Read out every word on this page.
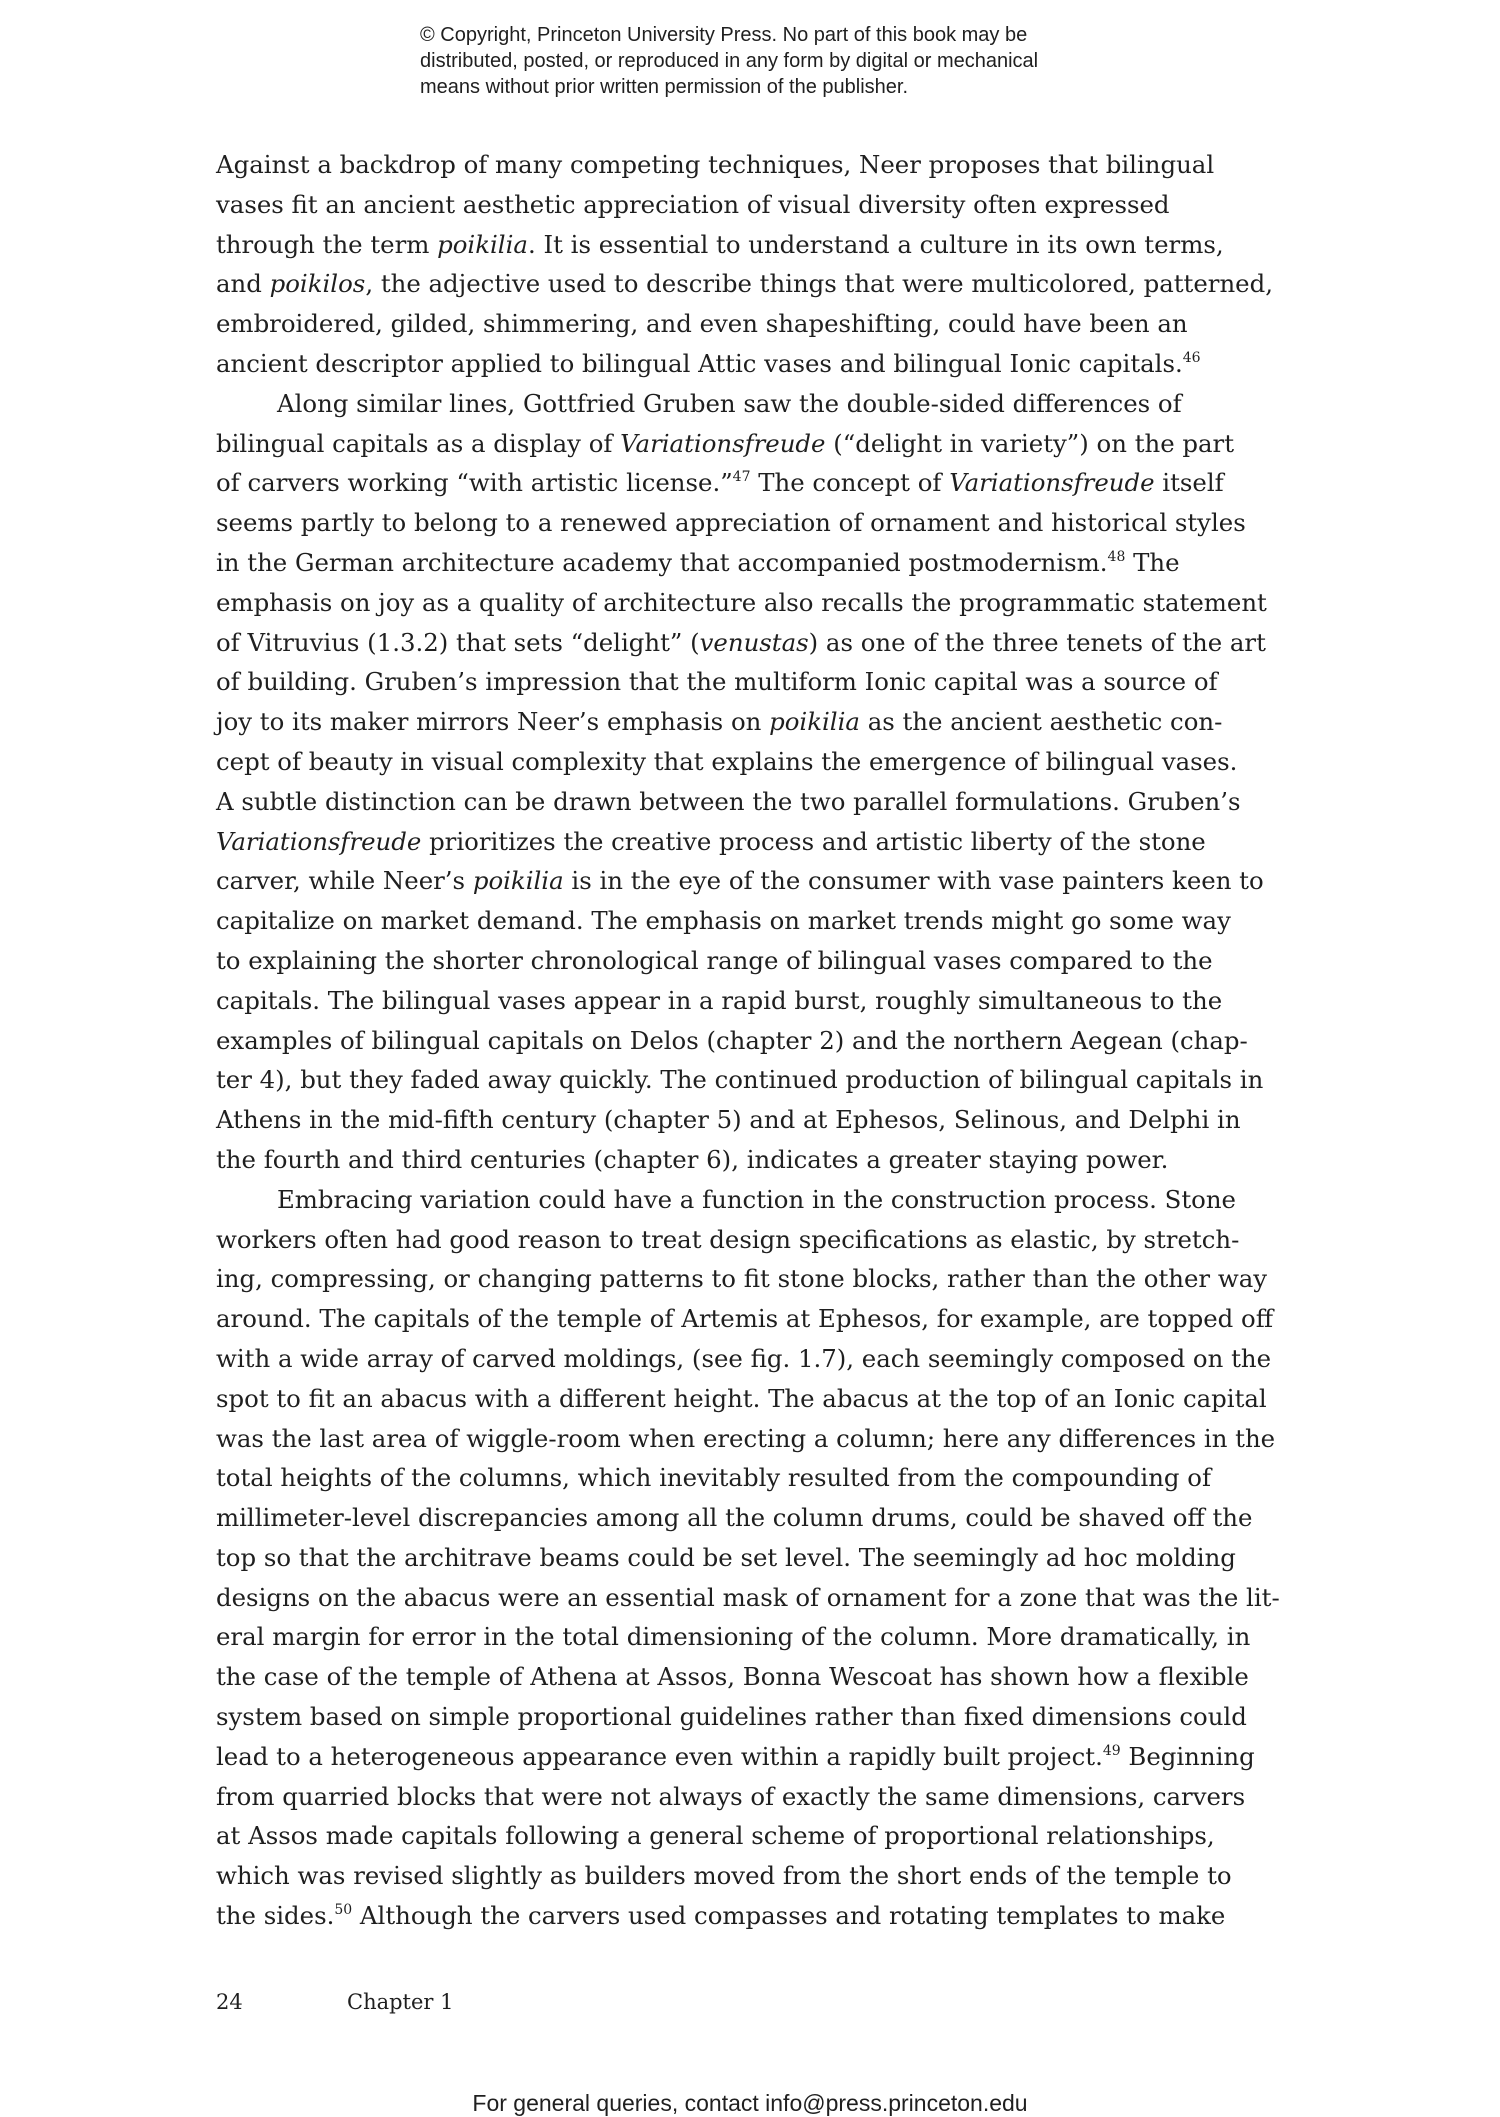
© Copyright, Princeton University Press. No part of this book may be
distributed, posted, or reproduced in any form by digital or mechanical
means without prior written permission of the publisher.
Against a backdrop of many competing techniques, Neer proposes that bilingual
vases fit an ancient aesthetic appreciation of visual diversity often expressed
through the term poikilia. It is essential to understand a culture in its own terms,
and poikilos, the adjective used to describe things that were multicolored, patterned,
embroidered, gilded, shimmering, and even shapeshifting, could have been an
ancient descriptor applied to bilingual Attic vases and bilingual Ionic capitals.$^{46}$
Along similar lines, Gottfried Gruben saw the double-sided differences of
bilingual capitals as a display of Variationsfreude (“delight in variety”) on the part
of carvers working “with artistic license.”$^{47}$ The concept of Variationsfreude itself
seems partly to belong to a renewed appreciation of ornament and historical styles
in the German architecture academy that accompanied postmodernism.$^{48}$ The
emphasis on joy as a quality of architecture also recalls the programmatic statement
of Vitruvius (1.3.2) that sets “delight” (venustas) as one of the three tenets of the art
of building. Gruben’s impression that the multiform Ionic capital was a source of
joy to its maker mirrors Neer’s emphasis on poikilia as the ancient aesthetic con-
cept of beauty in visual complexity that explains the emergence of bilingual vases.
A subtle distinction can be drawn between the two parallel formulations. Gruben’s
Variationsfreude prioritizes the creative process and artistic liberty of the stone
carver, while Neer’s poikilia is in the eye of the consumer with vase painters keen to
capitalize on market demand. The emphasis on market trends might go some way
to explaining the shorter chronological range of bilingual vases compared to the
capitals. The bilingual vases appear in a rapid burst, roughly simultaneous to the
examples of bilingual capitals on Delos (chapter 2) and the northern Aegean (chap-
ter 4), but they faded away quickly. The continued production of bilingual capitals in
Athens in the mid-fifth century (chapter 5) and at Ephesos, Selinous, and Delphi in
the fourth and third centuries (chapter 6), indicates a greater staying power.
Embracing variation could have a function in the construction process. Stone
workers often had good reason to treat design specifications as elastic, by stretch-
ing, compressing, or changing patterns to fit stone blocks, rather than the other way
around. The capitals of the temple of Artemis at Ephesos, for example, are topped off
with a wide array of carved moldings, (see fig. 1.7), each seemingly composed on the
spot to fit an abacus with a different height. The abacus at the top of an Ionic capital
was the last area of wiggle-room when erecting a column; here any differences in the
total heights of the columns, which inevitably resulted from the compounding of
millimeter-level discrepancies among all the column drums, could be shaved off the
top so that the architrave beams could be set level. The seemingly ad hoc molding
designs on the abacus were an essential mask of ornament for a zone that was the lit-
eral margin for error in the total dimensioning of the column. More dramatically, in
the case of the temple of Athena at Assos, Bonna Wescoat has shown how a flexible
system based on simple proportional guidelines rather than fixed dimensions could
lead to a heterogeneous appearance even within a rapidly built project.$^{49}$ Beginning
from quarried blocks that were not always of exactly the same dimensions, carvers
at Assos made capitals following a general scheme of proportional relationships,
which was revised slightly as builders moved from the short ends of the temple to
the sides.$^{50}$ Although the carvers used compasses and rotating templates to make
24	Chapter 1
For general queries, contact info@press.princeton.edu
